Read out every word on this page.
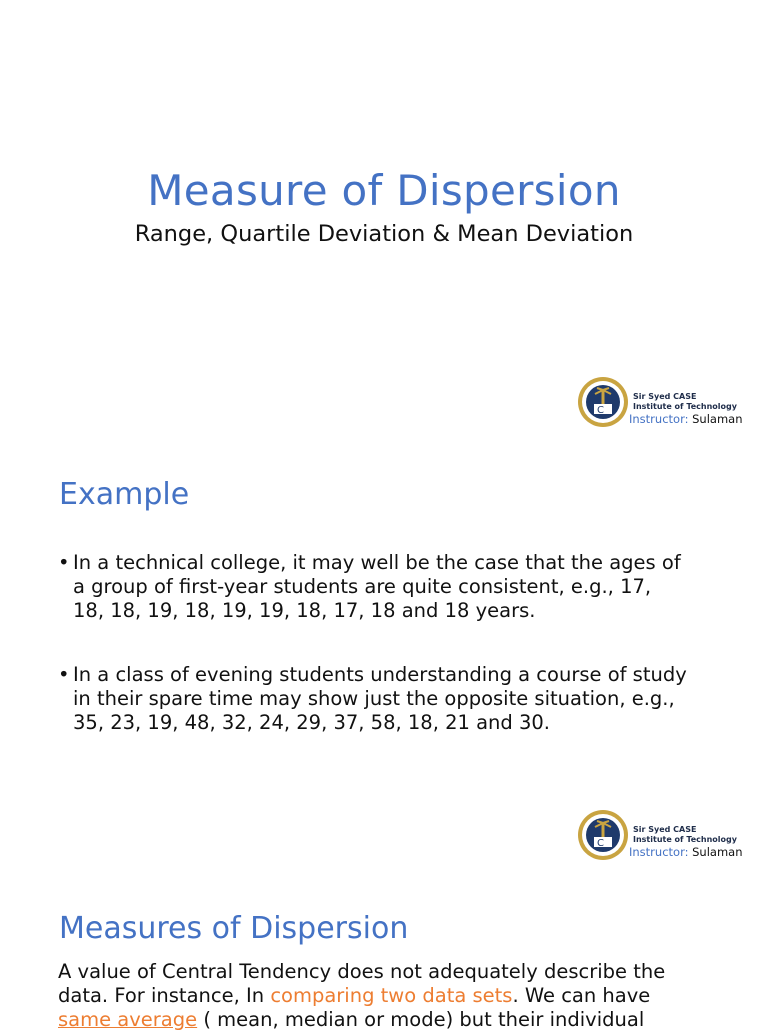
Measure of Dispersion
Range, Quartile Deviation & Mean Deviation
C
Sir Syed CASE
Institute of Technology
Instructor: Sulaman
Example
• In a technical college, it may well be the case that the ages of
a group of first-year students are quite consistent, e.g., 17,
18, 18, 19, 18, 19, 19, 18, 17, 18 and 18 years.
• In a class of evening students understanding a course of study
in their spare time may show just the opposite situation, e.g.,
35, 23, 19, 48, 32, 24, 29, 37, 58, 18, 21 and 30.
C
Sir Syed CASE
Institute of Technology
Instructor: Sulaman
Measures of Dispersion
A value of Central Tendency does not adequately describe the
data. For instance, In comparing two data sets. We can have
same average ( mean, median or mode) but their individual
